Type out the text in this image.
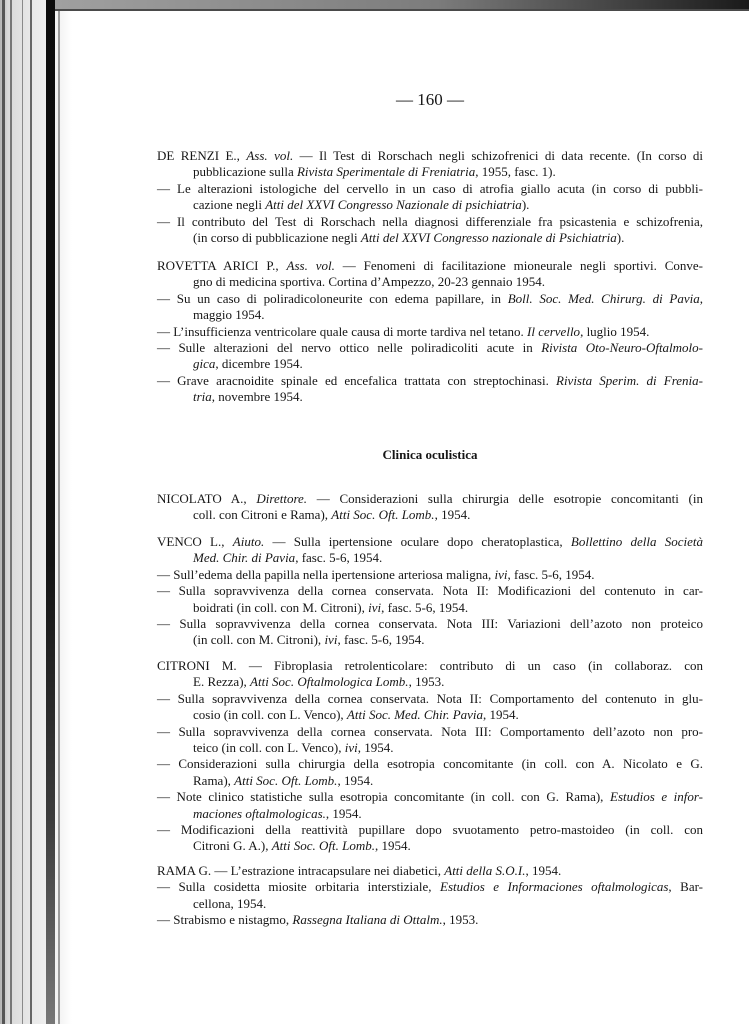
— 160 —
DE RENZI E., Ass. vol. — Il Test di Rorschach negli schizofrenici di data recente. (In corso di
pubblicazione sulla Rivista Sperimentale di Freniatria, 1955, fasc. 1).
— Le alterazioni istologiche del cervello in un caso di atrofia giallo acuta (in corso di pubbli-
cazione negli Atti del XXVI Congresso Nazionale di psichiatria).
— Il contributo del Test di Rorschach nella diagnosi differenziale fra psicastenia e schizofrenia,
(in corso di pubblicazione negli Atti del XXVI Congresso nazionale di Psichiatria).
ROVETTA ARICI P., Ass. vol. — Fenomeni di facilitazione mioneurale negli sportivi. Conve-
gno di medicina sportiva. Cortina d’Ampezzo, 20-23 gennaio 1954.
— Su un caso di poliradicoloneurite con edema papillare, in Boll. Soc. Med. Chirurg. di Pavia,
maggio 1954.
— L’insufficienza ventricolare quale causa di morte tardiva nel tetano. Il cervello, luglio 1954.
— Sulle alterazioni del nervo ottico nelle poliradicoliti acute in Rivista Oto-Neuro-Oftalmolo-
gica, dicembre 1954.
— Grave aracnoidite spinale ed encefalica trattata con streptochinasi. Rivista Sperim. di Frenia-
tria, novembre 1954.
Clinica oculistica
NICOLATO A., Direttore. — Considerazioni sulla chirurgia delle esotropie concomitanti (in
coll. con Citroni e Rama), Atti Soc. Oft. Lomb., 1954.
VENCO L., Aiuto. — Sulla ipertensione oculare dopo cheratoplastica, Bollettino della Società
Med. Chir. di Pavia, fasc. 5-6, 1954.
— Sull’edema della papilla nella ipertensione arteriosa maligna, ivi, fasc. 5-6, 1954.
— Sulla sopravvivenza della cornea conservata. Nota II: Modificazioni del contenuto in car-
boidrati (in coll. con M. Citroni), ivi, fasc. 5-6, 1954.
— Sulla sopravvivenza della cornea conservata. Nota III: Variazioni dell’azoto non proteico
(in coll. con M. Citroni), ivi, fasc. 5-6, 1954.
CITRONI M. — Fibroplasia retrolenticolare: contributo di un caso (in collaboraz. con
E. Rezza), Atti Soc. Oftalmologica Lomb., 1953.
— Sulla sopravvivenza della cornea conservata. Nota II: Comportamento del contenuto in glu-
cosio (in coll. con L. Venco), Atti Soc. Med. Chir. Pavia, 1954.
— Sulla sopravvivenza della cornea conservata. Nota III: Comportamento dell’azoto non pro-
teico (in coll. con L. Venco), ivi, 1954.
— Considerazioni sulla chirurgia della esotropia concomitante (in coll. con A. Nicolato e G.
Rama), Atti Soc. Oft. Lomb., 1954.
— Note clinico statistiche sulla esotropia concomitante (in coll. con G. Rama), Estudios e infor-
maciones oftalmologicas., 1954.
— Modificazioni della reattività pupillare dopo svuotamento petro-mastoideo (in coll. con
Citroni G. A.), Atti Soc. Oft. Lomb., 1954.
RAMA G. — L’estrazione intracapsulare nei diabetici, Atti della S.O.I., 1954.
— Sulla cosidetta miosite orbitaria interstiziale, Estudios e Informaciones oftalmologicas, Bar-
cellona, 1954.
— Strabismo e nistagmo, Rassegna Italiana di Ottalm., 1953.
